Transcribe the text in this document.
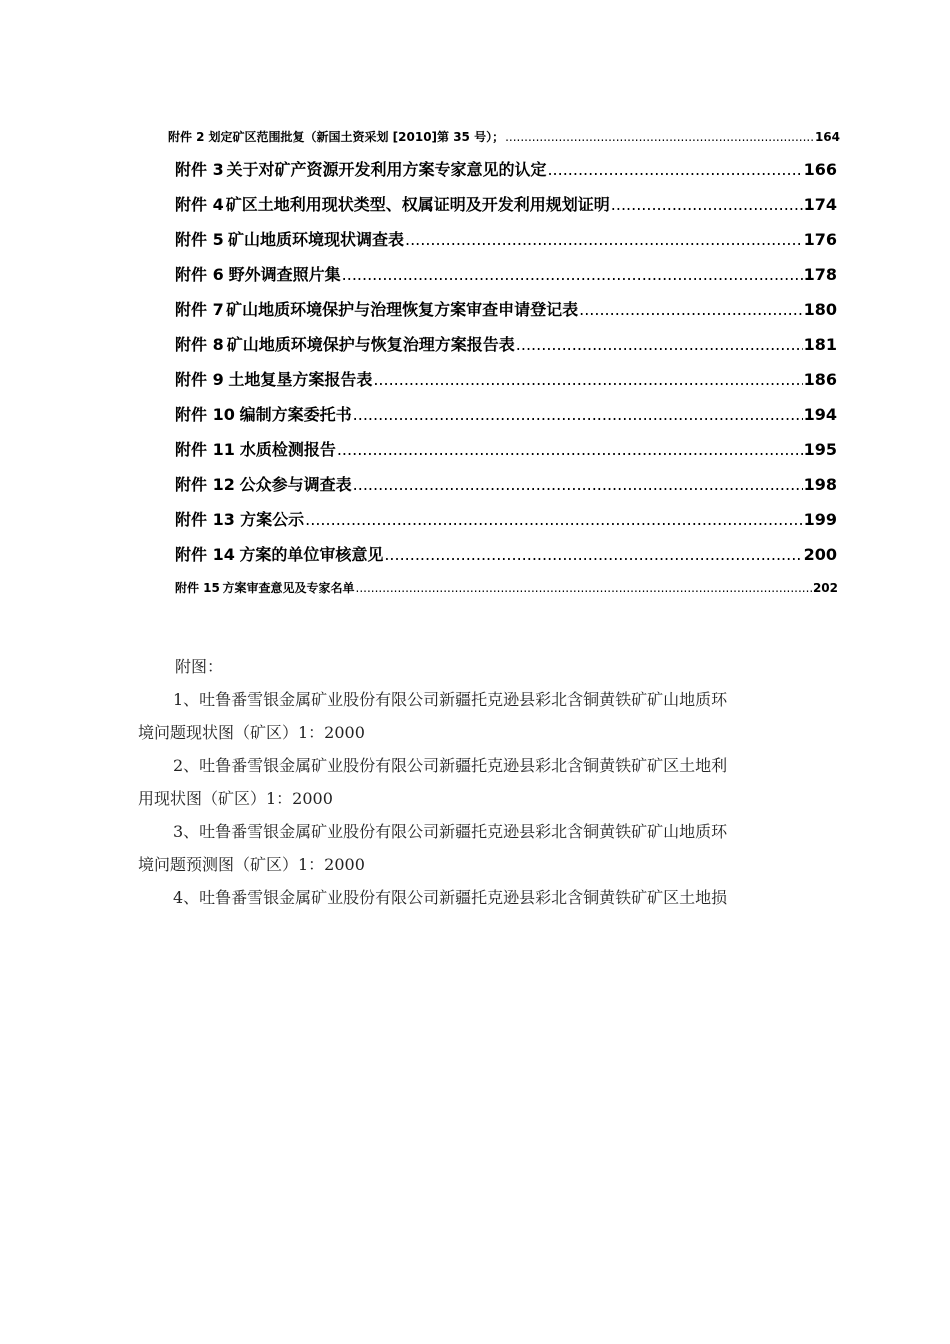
附件 2 划定矿区范围批复（新国土资采划 [2010]第 35 号）； .....	164
附件 3 关于对矿产资源开发利用方案专家意见的认定 .....	166
附件 4 矿区土地利用现状类型、权属证明及开发利用规划证明 .....	174
附件 5 矿山地质环境现状调查表 .....	176
附件 6 野外调查照片集 .....	178
附件 7 矿山地质环境保护与治理恢复方案审查申请登记表 .....	180
附件 8 矿山地质环境保护与恢复治理方案报告表 .....	181
附件 9 土地复垦方案报告表 .....	186
附件 10 编制方案委托书 .....	194
附件 11 水质检测报告 .....	195
附件 12 公众参与调查表 .....	198
附件 13 方案公示 .....	199
附件 14 方案的单位审核意见 .....	200
附件 15 方案审查意见及专家名单 .....	202
附图：
1、吐鲁番雪银金属矿业股份有限公司新疆托克逊县彩北含铜黄铁矿矿山地质环
境问题现状图（矿区）1：2000
2、吐鲁番雪银金属矿业股份有限公司新疆托克逊县彩北含铜黄铁矿矿区土地利
用现状图（矿区）1：2000
3、吐鲁番雪银金属矿业股份有限公司新疆托克逊县彩北含铜黄铁矿矿山地质环
境问题预测图（矿区）1：2000
4、吐鲁番雪银金属矿业股份有限公司新疆托克逊县彩北含铜黄铁矿矿区土地损
